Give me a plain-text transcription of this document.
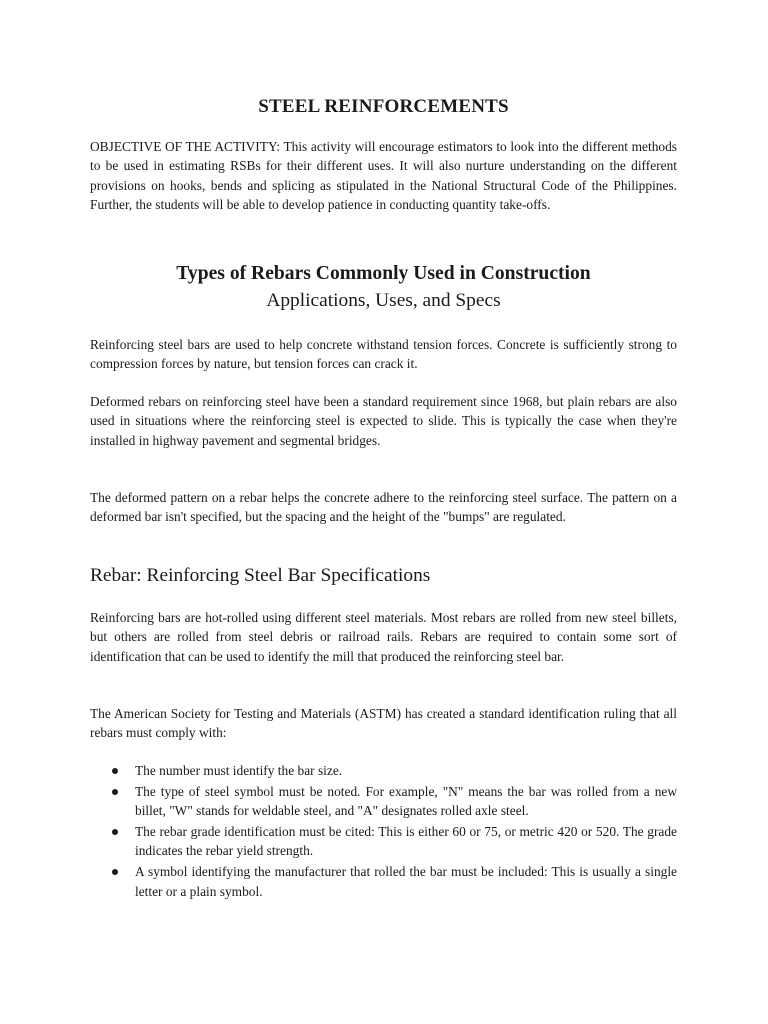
STEEL REINFORCEMENTS

OBJECTIVE OF THE ACTIVITY: This activity will encourage estimators to look into the different methods to be used in estimating RSBs for their different uses. It will also nurture understanding on the different provisions on hooks, bends and splicing as stipulated in the National Structural Code of the Philippines. Further, the students will be able to develop patience in conducting quantity take-offs.

Types of Rebars Commonly Used in Construction
Applications, Uses, and Specs

Reinforcing steel bars are used to help concrete withstand tension forces. Concrete is sufficiently strong to compression forces by nature, but tension forces can crack it.

Deformed rebars on reinforcing steel have been a standard requirement since 1968, but plain rebars are also used in situations where the reinforcing steel is expected to slide. This is typically the case when they're installed in highway pavement and segmental bridges.

The deformed pattern on a rebar helps the concrete adhere to the reinforcing steel surface. The pattern on a deformed bar isn't specified, but the spacing and the height of the "bumps" are regulated.

Rebar: Reinforcing Steel Bar Specifications

Reinforcing bars are hot-rolled using different steel materials. Most rebars are rolled from new steel billets, but others are rolled from steel debris or railroad rails. Rebars are required to contain some sort of identification that can be used to identify the mill that produced the reinforcing steel bar.

The American Society for Testing and Materials (ASTM) has created a standard identification ruling that all rebars must comply with:

The number must identify the bar size.
The type of steel symbol must be noted. For example, "N" means the bar was rolled from a new billet, "W" stands for weldable steel, and "A" designates rolled axle steel.
The rebar grade identification must be cited: This is either 60 or 75, or metric 420 or 520. The grade indicates the rebar yield strength.
A symbol identifying the manufacturer that rolled the bar must be included: This is usually a single letter or a plain symbol.
